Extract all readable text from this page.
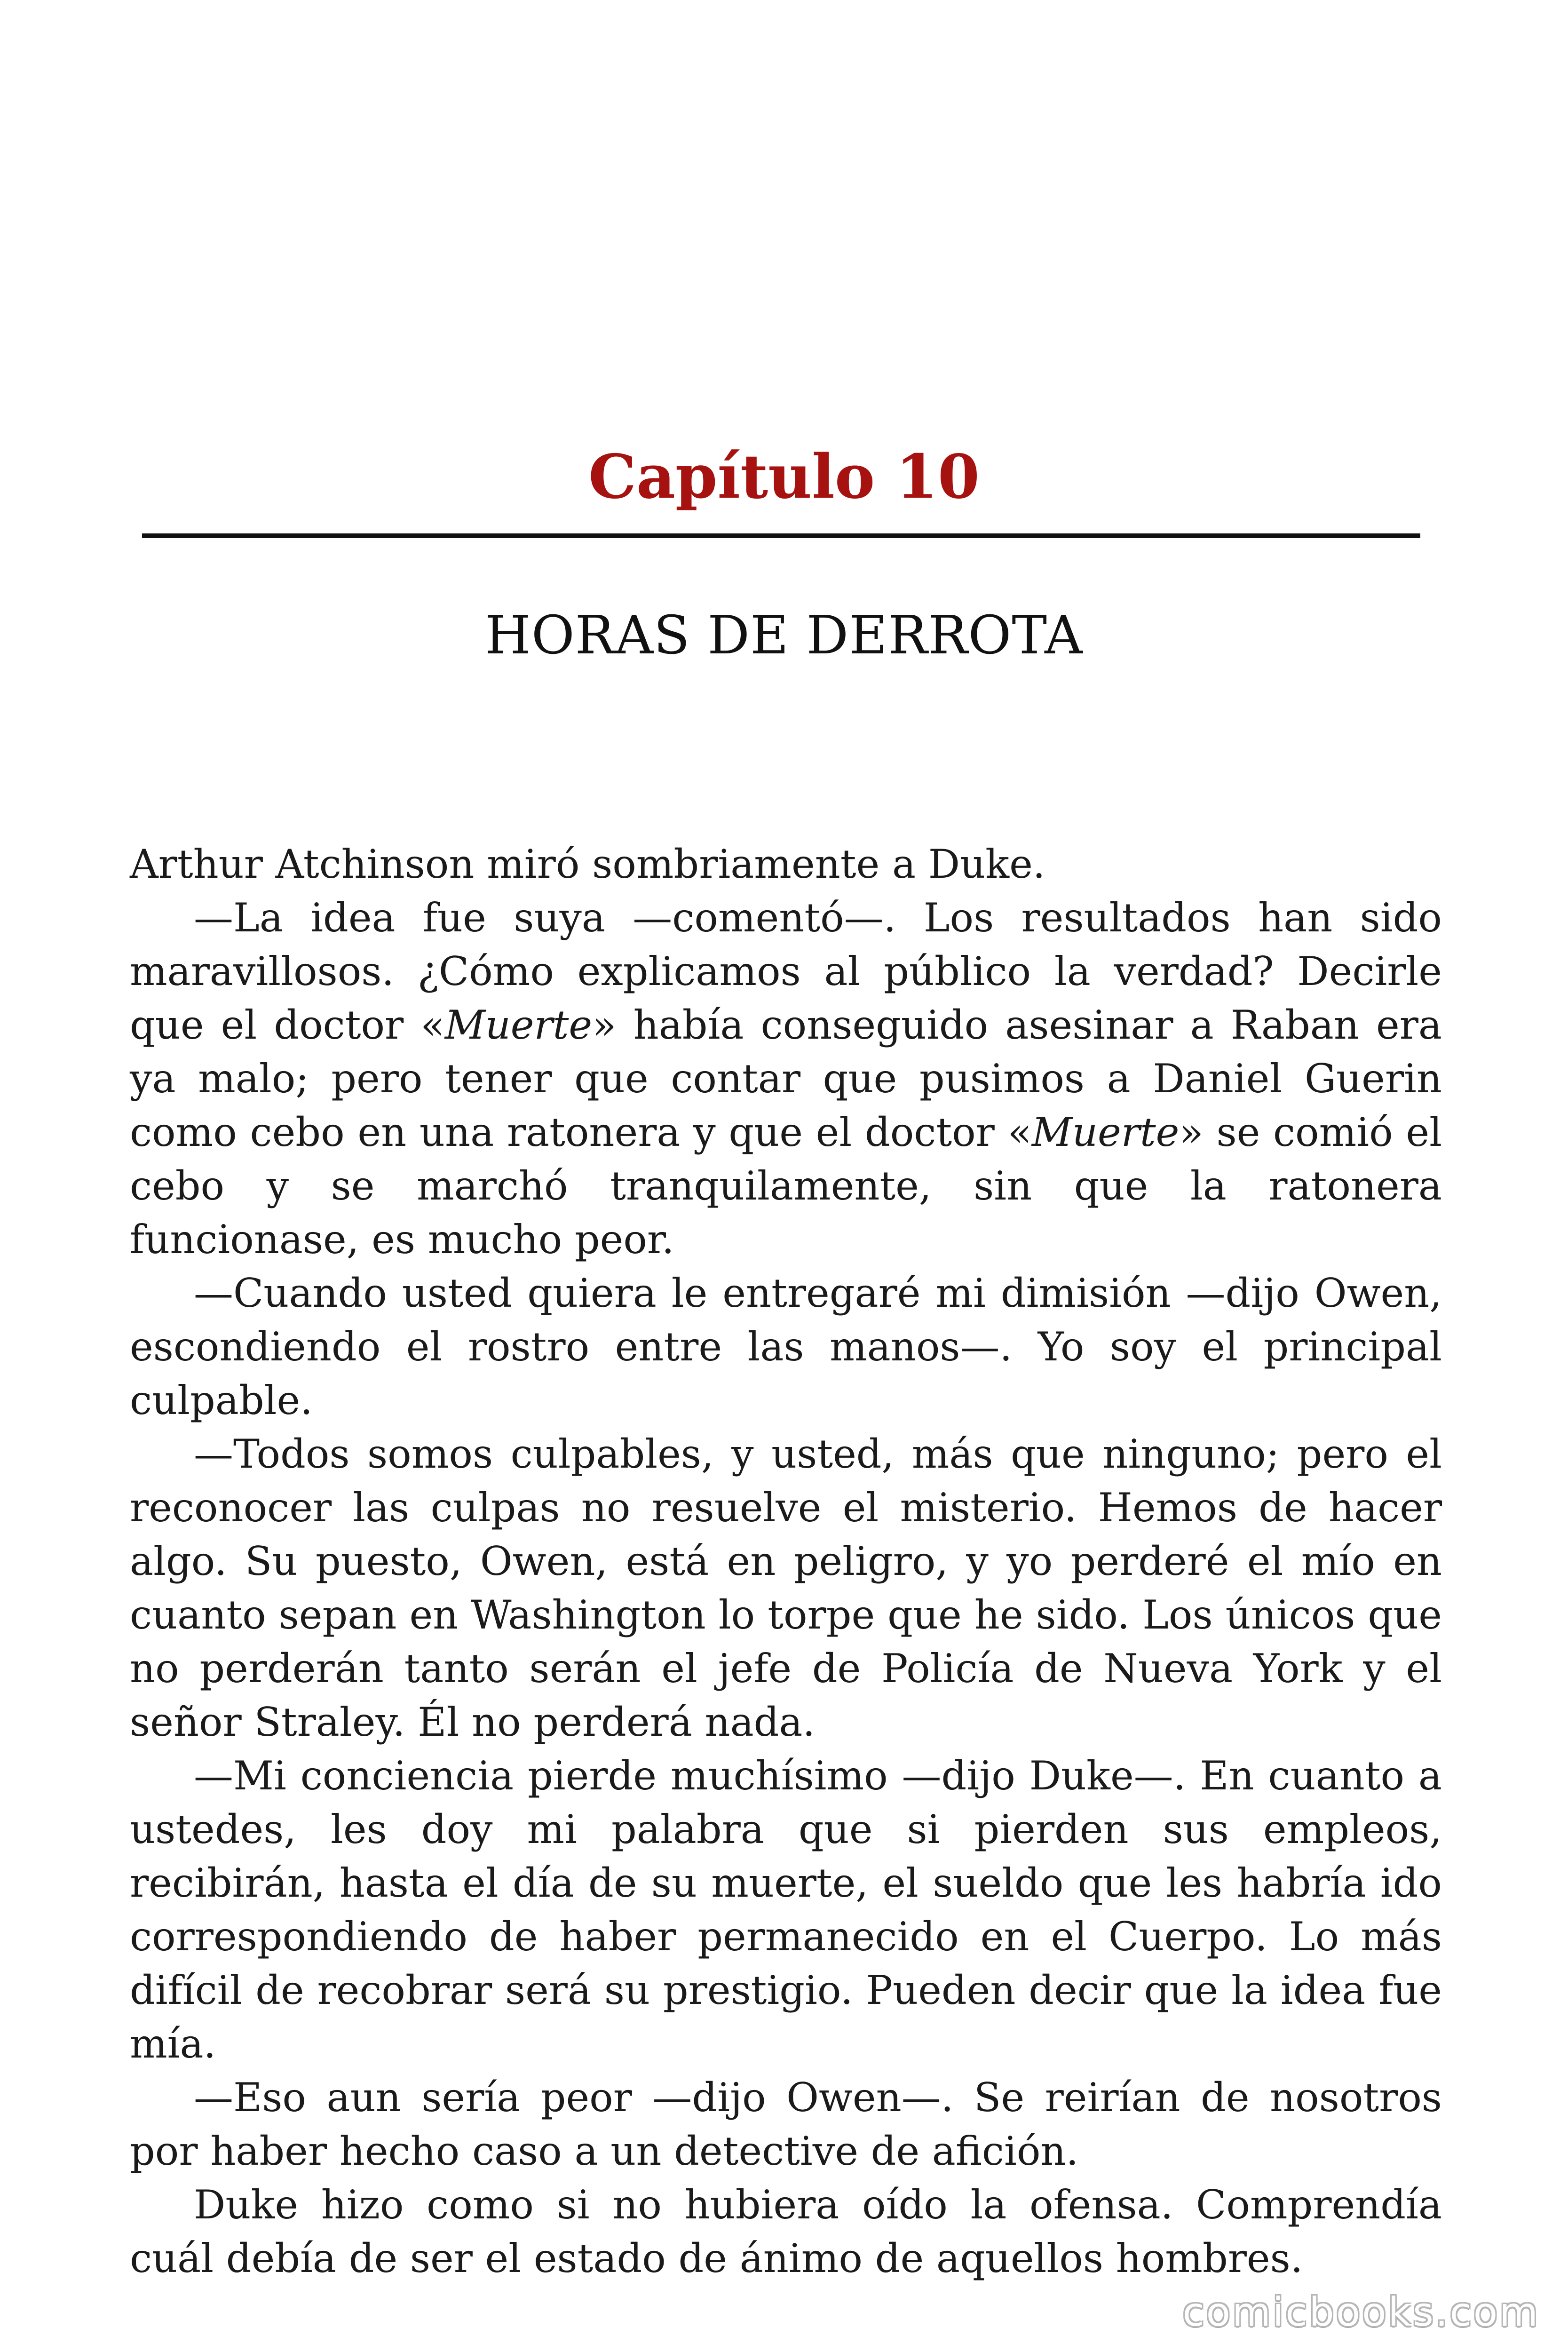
Capítulo 10
HORAS DE DERROTA

Arthur Atchinson miró sombriamente a Duke.

—La idea fue suya —comentó—. Los resultados han sido maravillosos. ¿Cómo explicamos al público la verdad? Decirle que el doctor «Muerte» había conseguido asesinar a Raban era ya malo; pero tener que contar que pusimos a Daniel Guerin como cebo en una ratonera y que el doctor «Muerte» se comió el cebo y se marchó tranquilamente, sin que la ratonera funcionase, es mucho peor.

—Cuando usted quiera le entregaré mi dimisión —dijo Owen, escondiendo el rostro entre las manos—. Yo soy el principal culpable.

—Todos somos culpables, y usted, más que ninguno; pero el reconocer las culpas no resuelve el misterio. Hemos de hacer algo. Su puesto, Owen, está en peligro, y yo perderé el mío en cuanto sepan en Washington lo torpe que he sido. Los únicos que no perderán tanto serán el jefe de Policía de Nueva York y el señor Straley. Él no perderá nada.

—Mi conciencia pierde muchísimo —dijo Duke—. En cuanto a ustedes, les doy mi palabra que si pierden sus empleos, recibirán, hasta el día de su muerte, el sueldo que les habría ido correspondiendo de haber permanecido en el Cuerpo. Lo más difícil de recobrar será su prestigio. Pueden decir que la idea fue mía.

—Eso aun sería peor —dijo Owen—. Se reirían de nosotros por haber hecho caso a un detective de afición.

Duke hizo como si no hubiera oído la ofensa. Comprendía cuál debía de ser el estado de ánimo de aquellos hombres.

comicbooks.com
